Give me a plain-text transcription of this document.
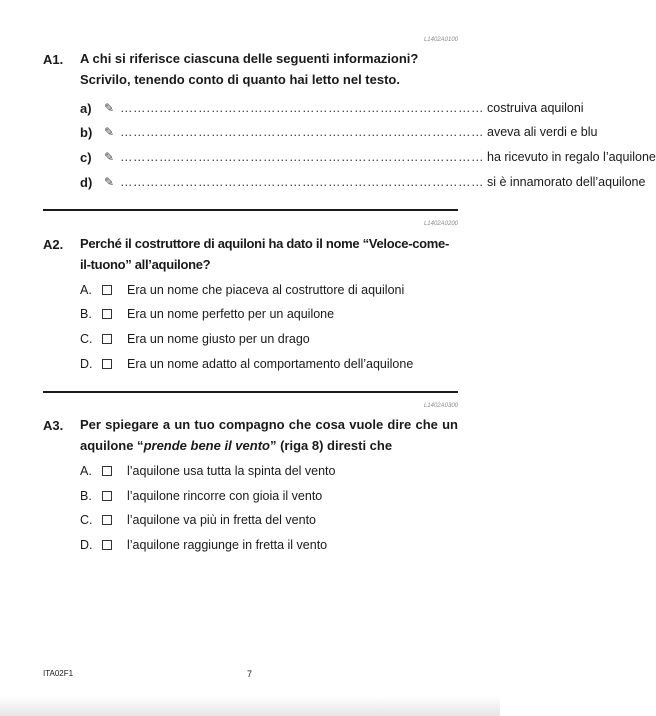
L1402A0100
A1. A chi si riferisce ciascuna delle seguenti informazioni?
Scrivilo, tenendo conto di quanto hai letto nel testo.
a) ✎ ………………………………………………………………………… costruiva aquiloni
b) ✎ ………………………………………………………………………… aveva ali verdi e blu
c) ✎ ………………………………………………………………………… ha ricevuto in regalo l’aquilone
d) ✎ ………………………………………………………………………… si è innamorato dell’aquilone
L1402A0200
A2. Perché il costruttore di aquiloni ha dato il nome “Veloce-come-il-tuono” all’aquilone?
A.	Era un nome che piaceva al costruttore di aquiloni
B.	Era un nome perfetto per un aquilone
C.	Era un nome giusto per un drago
D.	Era un nome adatto al comportamento dell’aquilone
L1402A0300
A3. Per spiegare a un tuo compagno che cosa vuole dire che un aquilone “prende bene il vento” (riga 8) diresti che
A.	l’aquilone usa tutta la spinta del vento
B.	l’aquilone rincorre con gioia il vento
C.	l’aquilone va più in fretta del vento
D.	l’aquilone raggiunge in fretta il vento
ITA02F1	7
